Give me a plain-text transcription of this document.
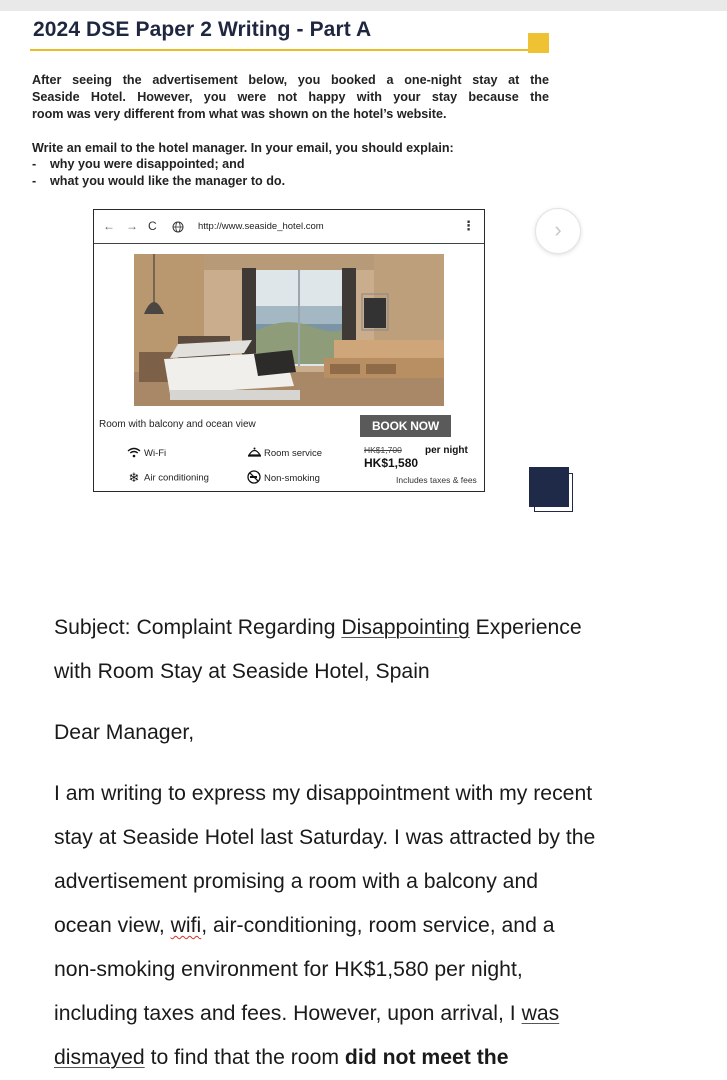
2024 DSE Paper 2 Writing - Part A
After seeing the advertisement below, you booked a one-night stay at the
Seaside Hotel. However, you were not happy with your stay because the
room was very different from what was shown on the hotel’s website.
Write an email to the hotel manager. In your email, you should explain:
- why you were disappointed; and
- what you would like the manager to do.
← → C	http://www.seaside_hotel.com	⋮
Room with balcony and ocean view	BOOK NOW
Wi-Fi	Room service
❄ Air conditioning	Non-smoking
HK$1,700
HK$1,580
per night
Includes taxes & fees
›
Subject: Complaint Regarding Disappointing Experience
with Room Stay at Seaside Hotel, Spain
Dear Manager,
I am writing to express my disappointment with my recent
stay at Seaside Hotel last Saturday. I was attracted by the
advertisement promising a room with a balcony and
ocean view, wifi, air-conditioning, room service, and a
non-smoking environment for HK$1,580 per night,
including taxes and fees. However, upon arrival, I was
dismayed to find that the room did not meet the
